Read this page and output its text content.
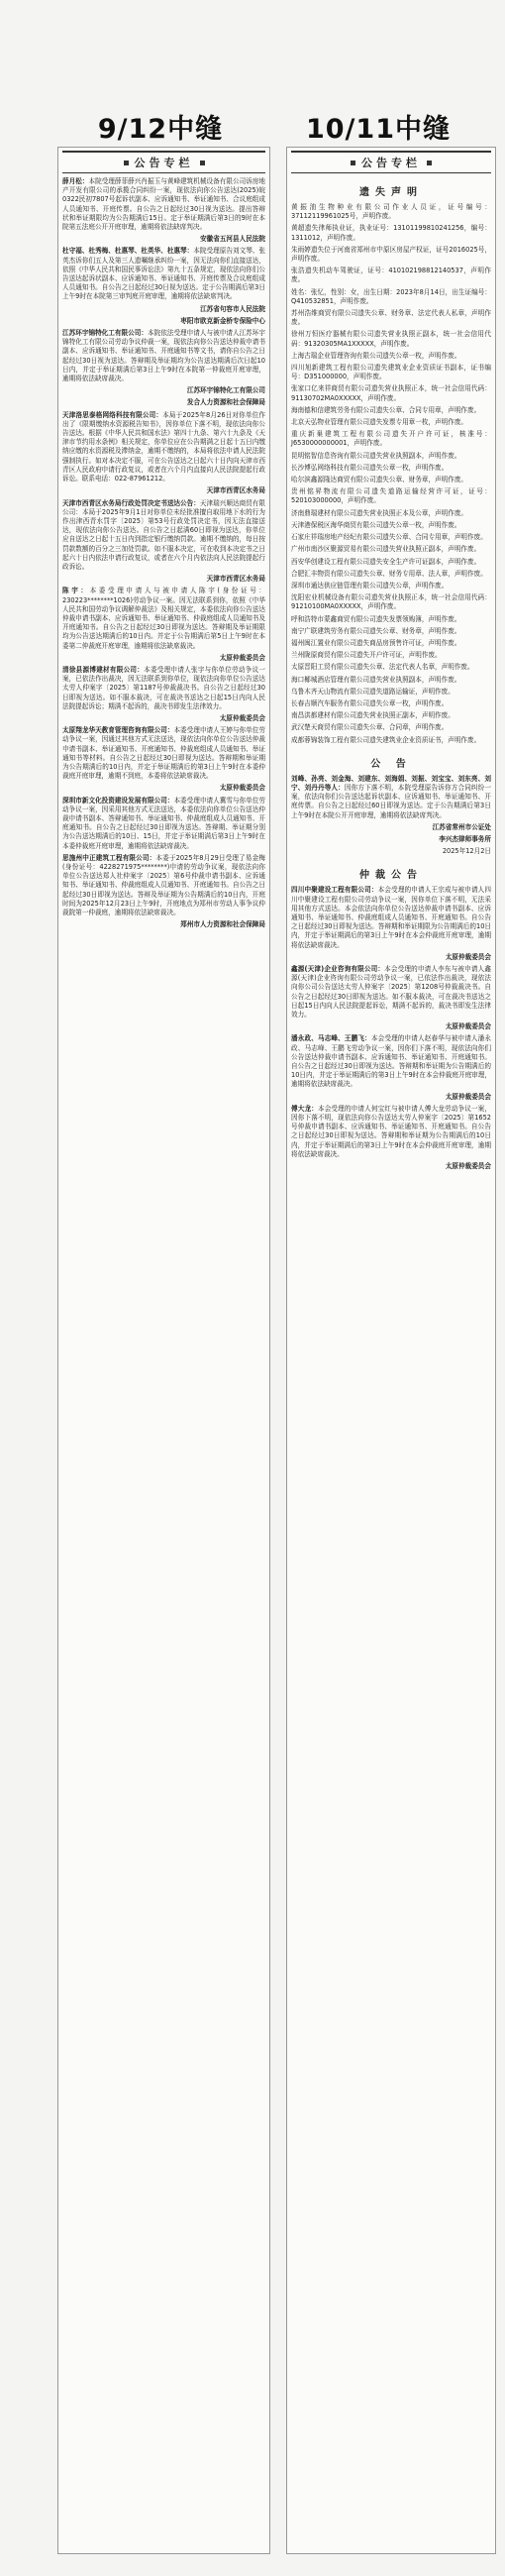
9/12中缝	10/11中缝
公告专栏
薛月松：本院受理薛菲薛兴肖振玉与黄峰建筑机械设备有限公司诉房地产开发有限公司的承揽合同纠纷一案，现依法向你公告送达(2025)皖0322民初7807号起诉状副本、应诉通知书、举证通知书、合议庭组成人员通知书、开庭传票。自公告之日起经过30日视为送达。提出答辩状和举证期限均为公告期满后15日。定于举证期满后第3日的9时在本院第五法庭公开开庭审理，逾期将依法缺席判决。
安徽省五河县人民法院
杜守福、杜秀梅、杜惠琴、杜英华、杜惠琴：本院受理原告刘文琴、张英杰诉你们五人及第三人遗嘱继承纠纷一案，因无法向你们直接送达，依照《中华人民共和国民事诉讼法》第九十五条规定，现依法向你们公告送达起诉状副本、应诉通知书、举证通知书、开庭传票及合议庭组成人员通知书。自公告之日起经过30日视为送达。定于公告期满后第3日上午9时在本院第三审判庭开庭审理，逾期将依法缺席判决。
江苏省句容市人民法院
枣阳市欧克新金桥专保险中心
江苏环宇锦特化工有限公司：本院依法受理申请人与被申请人江苏环宇锦特化工有限公司劳动争议仲裁一案，现依法向你公告送达仲裁申请书副本、应诉通知书、举证通知书、开庭通知书等文书，请你自公告之日起经过30日视为送达。答辩期及举证期均为公告送达期满后次日起10日内，并定于举证期满后第3日上午9时在本院第一仲裁庭开庭审理，逾期将依法缺席裁决。
江苏环宇锦特化工有限公司
发合人力资源和社会保障局
天津洛思泰格网络科技有限公司：本局于2025年8月26日对你单位作出了《限期缴纳水资源税告知书》，因你单位下落不明，现依法向你公告送达。根据《中华人民共和国水法》第四十九条、第六十九条及《天津市节约用水条例》相关规定，你单位应在公告期满之日起十五日内缴纳应缴的水资源税及滞纳金，逾期不缴纳的，本局将依法申请人民法院强制执行。如对本决定不服，可在公告送达之日起六十日内向天津市西青区人民政府申请行政复议，或者在六个月内直接向人民法院提起行政诉讼。联系电话：022-87961212。
天津市西青区水务局
天津市西青区水务局行政处罚决定书送达公告：天津瑞兴顺达商贸有限公司：本局于2025年9月1日对你单位未经批准擅自取用地下水的行为作出津西青水罚字〔2025〕第53号行政处罚决定书，因无法直接送达，现依法向你公告送达。自公告之日起满60日即视为送达，你单位应自送达之日起十五日内到指定银行缴纳罚款。逾期不缴纳的，每日按罚款数额的百分之三加处罚款。如不服本决定，可在收到本决定书之日起六十日内依法申请行政复议，或者在六个月内依法向人民法院提起行政诉讼。
天津市西青区水务局
陈宇：本委受理申请人与被申请人陈宇(身份证号：230223********1026)劳动争议一案。因无法联系到你，依照《中华人民共和国劳动争议调解仲裁法》及相关规定，本委依法向你公告送达仲裁申请书副本、应诉通知书、举证通知书、仲裁庭组成人员通知书及开庭通知书。自公告之日起经过30日即视为送达。答辩期及举证期限均为公告送达期满后的10日内。并定于公告期满后第5日上午9时在本委第二仲裁庭开庭审理，逾期将依法缺席裁决。
太原仲裁委员会
清徐县源博建材有限公司：本委受理申请人张宇与你单位劳动争议一案，已依法作出裁决，因无法联系到你单位，现依法向你单位公告送达太劳人仲案字〔2025〕第1187号仲裁裁决书。自公告之日起经过30日即视为送达。如不服本裁决，可在裁决书送达之日起15日内向人民法院提起诉讼；期满不起诉的，裁决书即发生法律效力。
太原仲裁委员会
太原翔龙华天教育管理咨询有限公司：本委受理申请人王婷与你单位劳动争议一案，因通过其他方式无法送达，现依法向你单位公告送达仲裁申请书副本、举证通知书、开庭通知书、仲裁庭组成人员通知书、举证通知书等材料。自公告之日起经过30日即视为送达。答辩期和举证期为公告期满后的10日内，并定于举证期满后的第3日上午9时在本委仲裁庭开庭审理，逾期不到庭，本委将依法缺席裁决。
太原仲裁委员会
深圳市新文化投资建设发展有限公司：本委受理申请人冀雪与你单位劳动争议一案，因采用其他方式无法送达，本委依法向你单位公告送达仲裁申请书副本、答辩通知书、举证通知书、仲裁庭组成人员通知书、开庭通知书。自公告之日起经过30日即视为送达。答辩期、举证期分别为公告送达期满后的10日、15日，并定于举证期满后第3日上午9时在本委仲裁庭开庭审理，逾期将依法缺席裁决。
思施州中正建筑工程有限公司：本委于2025年8月29日受理了易金梅(身份证号：4228271975********)申请的劳动争议案，现依法向你单位公告送达郑人社仲案字〔2025〕第6号仲裁申请书副本、应诉通知书、举证通知书、仲裁庭组成人员通知书、开庭通知书。自公告之日起经过30日即视为送达。答辩及举证期为公告期满后的10日内，开庭时间为2025年12月23日上午9时，开庭地点为郑州市劳动人事争议仲裁院第一仲裁庭，逾期将依法缺席裁决。
郑州市人力资源和社会保障局
公告专栏
遗失声明
黄振油生物种业有限公司作业人员证，证号编号：37112119961025号，声明作废。
黄超遗失律师执业证，执业证号：13101199810241256，编号：1311012，声明作废。
朱雨婷遗失位于河南省郑州市中原区房屋产权证，证号2016025号，声明作废。
张浩遗失机动车驾驶证，证号：410102198812140537，声明作废。
姓名：张忆，性别：女，出生日期：2023年8月14日，出生证编号：Q410532851，声明作废。
苏州浩维商贸有限公司遗失公章、财务章、法定代表人私章，声明作废。
徐州万恒医疗器械有限公司遗失营业执照正副本，统一社会信用代码：91320305MA1XXXXX，声明作废。
上海古瑞企业管理咨询有限公司遗失公章一枚，声明作废。
四川旭新建筑工程有限公司遗失建筑业企业资质证书副本，证书编号：D351000000，声明作废。
张家口亿来祥商贸有限公司遗失营业执照正本，统一社会信用代码：91130702MA0XXXXX，声明作废。
海南德和信建筑劳务有限公司遗失公章、合同专用章，声明作废。
北京天弘物业管理有限公司遗失发票专用章一枚，声明作废。
重庆新巢建筑工程有限公司遗失开户许可证，核准号：J6530000000001，声明作废。
昆明铭智信息咨询有限公司遗失营业执照副本，声明作废。
长沙博弘网络科技有限公司遗失公章一枚，声明作废。
哈尔滨鑫源隆达商贸有限公司遗失公章、财务章，声明作废。
贵州铭昇物流有限公司遗失道路运输经营许可证，证号：520103000000，声明作废。
济南鼎瑞建材有限公司遗失营业执照正本及公章，声明作废。
天津港保税区海华商贸有限公司遗失公章一枚，声明作废。
石家庄祥瑞房地产经纪有限公司遗失公章、合同专用章，声明作废。
广州市南沙区聚源贸易有限公司遗失营业执照正副本，声明作废。
西安华创建设工程有限公司遗失安全生产许可证副本，声明作废。
合肥汇丰物资有限公司遗失公章、财务专用章、法人章，声明作废。
深圳市通达供应链管理有限公司遗失公章，声明作废。
沈阳宏业机械设备有限公司遗失营业执照正本，统一社会信用代码：91210100MA0XXXXX，声明作废。
呼和浩特市蒙鑫商贸有限公司遗失发票领购簿，声明作废。
南宁广联建筑劳务有限公司遗失公章、财务章，声明作废。
福州闽江置业有限公司遗失商品房预售许可证，声明作废。
兰州陇原商贸有限公司遗失开户许可证，声明作废。
太原晋阳工贸有限公司遗失公章、法定代表人名章，声明作废。
海口椰城酒店管理有限公司遗失营业执照副本，声明作废。
乌鲁木齐天山物流有限公司遗失道路运输证，声明作废。
长春吉顺汽车服务有限公司遗失公章一枚，声明作废。
南昌洪都建材有限公司遗失营业执照正副本，声明作废。
武汉楚天商贸有限公司遗失公章、合同章，声明作废。
成都蓉锦装饰工程有限公司遗失建筑业企业资质证书，声明作废。
公 告
刘峰、孙亮、刘金海、刘建东、刘海娟、刘振、刘宝宝、刘东亮、刘宁、刘丹丹等人：因你方下落不明，本院受理原告诉你方合同纠纷一案，依法向你们公告送达起诉状副本、应诉通知书、举证通知书、开庭传票。自公告之日起经过60日即视为送达。定于公告期满后第3日上午9时在本院公开开庭审理，逾期将依法缺席判决。
江苏省常州市公证处
李兴杰律师事务所
2025年12月2日
仲裁公告
四川中聚建设工程有限公司：本会受理的申请人王宗成与被申请人四川中聚建设工程有限公司劳动争议一案，因你单位下落不明，无法采用其他方式送达。本会依法向你单位公告送达仲裁申请书副本、应诉通知书、举证通知书、仲裁庭组成人员通知书、开庭通知书。自公告之日起经过30日即视为送达。答辩期和举证期限为公告期满后的10日内，并定于举证期满后的第3日上午9时在本会仲裁庭开庭审理，逾期将依法缺席裁决。
太原仲裁委员会
鑫源(天津)企业咨询有限公司：本会受理的申请人李东与被申请人鑫源(天津)企业咨询有限公司劳动争议一案，已依法作出裁决，现依法向你公司公告送达太劳人仲案字〔2025〕第1208号仲裁裁决书。自公告之日起经过30日即视为送达。如不服本裁决，可在裁决书送达之日起15日内向人民法院提起诉讼，期满不起诉的，裁决书即发生法律效力。
太原仲裁委员会
潘永政、马志峰、王鹏飞：本会受理的申请人赵春华与被申请人潘永政、马志峰、王鹏飞劳动争议一案，因你们下落不明，现依法向你们公告送达仲裁申请书副本、应诉通知书、举证通知书、开庭通知书。自公告之日起经过30日即视为送达。答辩期和举证期为公告期满后的10日内，并定于举证期满后的第3日上午9时在本会仲裁庭开庭审理，逾期将依法缺席裁决。
太原仲裁委员会
傅大龙：本会受理的申请人何宝红与被申请人傅大龙劳动争议一案，因你下落不明，现依法向你公告送达太劳人仲案字〔2025〕第1652号仲裁申请书副本、应诉通知书、举证通知书、开庭通知书。自公告之日起经过30日即视为送达。答辩期和举证期为公告期满后的10日内，并定于举证期满后的第3日上午9时在本会仲裁庭开庭审理，逾期将依法缺席裁决。
太原仲裁委员会
